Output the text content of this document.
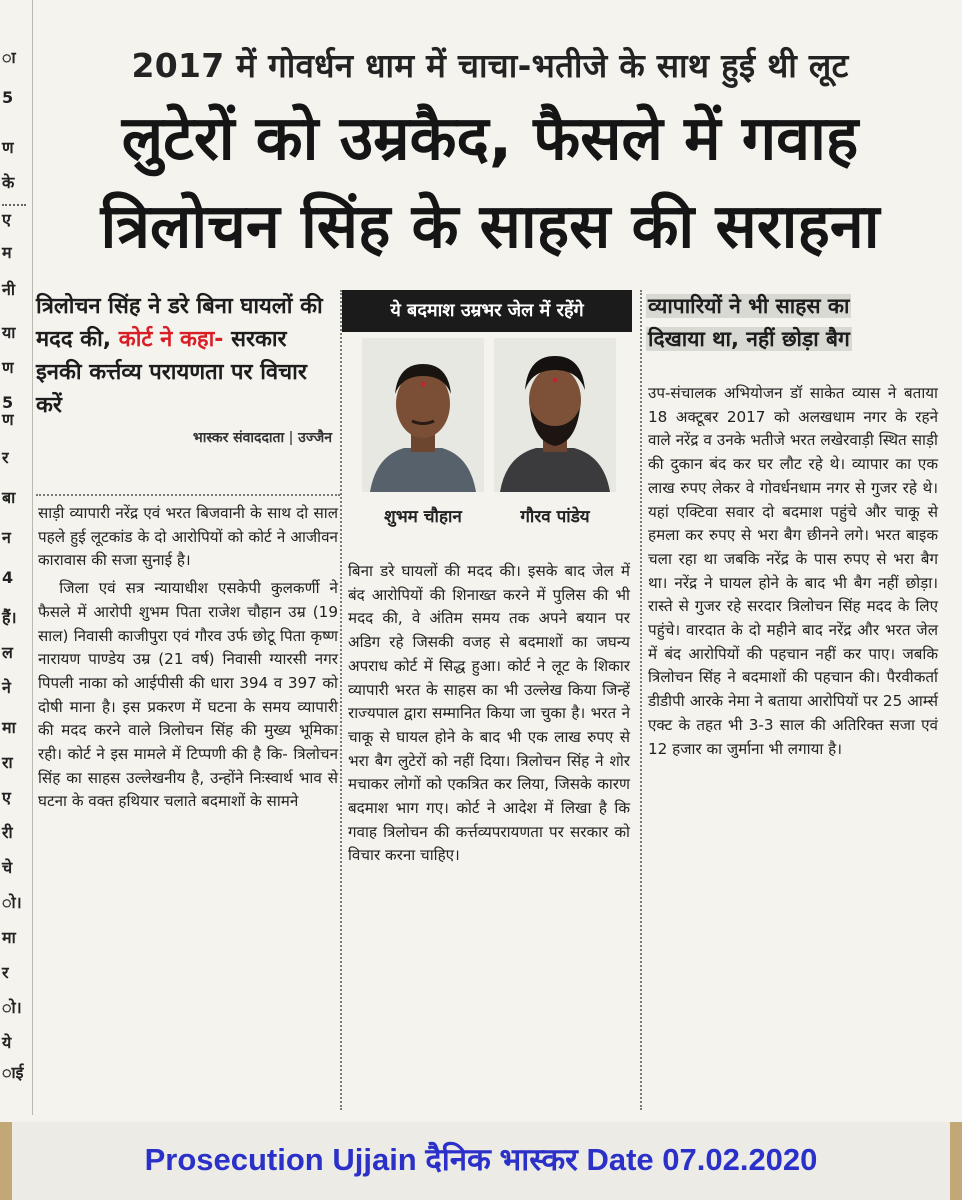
ा
5
ण
के
ए
म
नी
या
ण
5
ण
र
बा
न
4
हैं।
ल
ने
मा
रा
ए
री
चे
ो।
मा
र
ो।
ये
ाई
2017 में गोवर्धन धाम में चाचा-भतीजे के साथ हुई थी लूट
लुटेरों को उम्रकैद, फैसले में गवाह
त्रिलोचन सिंह के साहस की सराहना
त्रिलोचन सिंह ने डरे बिना घायलों की मदद की, कोर्ट ने कहा- सरकार इनकी कर्त्तव्य परायणता पर विचार करें
भास्कर संवाददाता उज्जैन

साड़ी व्यापारी नरेंद्र एवं भरत बिजवानी के साथ दो साल पहले हुई लूटकांड के दो आरोपियों को कोर्ट ने आजीवन कारावास की सजा सुनाई है।

जिला एवं सत्र न्यायाधीश एसकेपी कुलकर्णी ने फैसले में आरोपी शुभम पिता राजेश चौहान उम्र (19 साल) निवासी काजीपुरा एवं गौरव उर्फ छोटू पिता कृष्ण नारायण पाण्डेय उम्र (21 वर्ष) निवासी ग्यारसी नगर पिपली नाका को आईपीसी की धारा 394 व 397 को दोषी माना है। इस प्रकरण में घटना के समय व्यापारी की मदद करने वाले त्रिलोचन सिंह की मुख्य भूमिका रही। कोर्ट ने इस मामले में टिप्पणी की है कि- त्रिलोचन सिंह का साहस उल्लेखनीय है, उन्होंने निःस्वार्थ भाव से घटना के वक्त हथियार चलाते बदमाशों के सामने

ये बदमाश उम्रभर जेल में रहेंगे
शुभम चौहान	गौरव पांडेय

बिना डरे घायलों की मदद की। इसके बाद जेल में बंद आरोपियों की शिनाख्त करने में पुलिस की भी मदद की, वे अंतिम समय तक अपने बयान पर अडिग रहे जिसकी वजह से बदमाशों का जघन्य अपराध कोर्ट में सिद्ध हुआ। कोर्ट ने लूट के शिकार व्यापारी भरत के साहस का भी उल्लेख किया जिन्हें राज्यपाल द्वारा सम्मानित किया जा चुका है। भरत ने चाकू से घायल होने के बाद भी एक लाख रुपए से भरा बैग लुटेरों को नहीं दिया। त्रिलोचन सिंह ने शोर मचाकर लोगों को एकत्रित कर लिया, जिसके कारण बदमाश भाग गए। कोर्ट ने आदेश में लिखा है कि गवाह त्रिलोचन की कर्त्तव्यपरायणता पर सरकार को विचार करना चाहिए।

व्यापारियों ने भी साहस का
दिखाया था, नहीं छोड़ा बैग

उप-संचालक अभियोजन डॉ साकेत व्यास ने बताया 18 अक्टूबर 2017 को अलखधाम नगर के रहने वाले नरेंद्र व उनके भतीजे भरत लखेरवाड़ी स्थित साड़ी की दुकान बंद कर घर लौट रहे थे। व्यापार का एक लाख रुपए लेकर वे गोवर्धनधाम नगर से गुजर रहे थे। यहां एक्टिवा सवार दो बदमाश पहुंचे और चाकू से हमला कर रुपए से भरा बैग छीनने लगे। भरत बाइक चला रहा था जबकि नरेंद्र के पास रुपए से भरा बैग था। नरेंद्र ने घायल होने के बाद भी बैग नहीं छोड़ा। रास्ते से गुजर रहे सरदार त्रिलोचन सिंह मदद के लिए पहुंचे। वारदात के दो महीने बाद नरेंद्र और भरत जेल में बंद आरोपियों की पहचान नहीं कर पाए। जबकि त्रिलोचन सिंह ने बदमाशों की पहचान की। पैरवीकर्ता डीडीपी आरके नेमा ने बताया आरोपियों पर 25 आर्म्स एक्ट के तहत भी 3-3 साल की अतिरिक्त सजा एवं 12 हजार का जुर्माना भी लगाया है।

Prosecution Ujjain दैनिक भास्कर Date 07.02.2020
